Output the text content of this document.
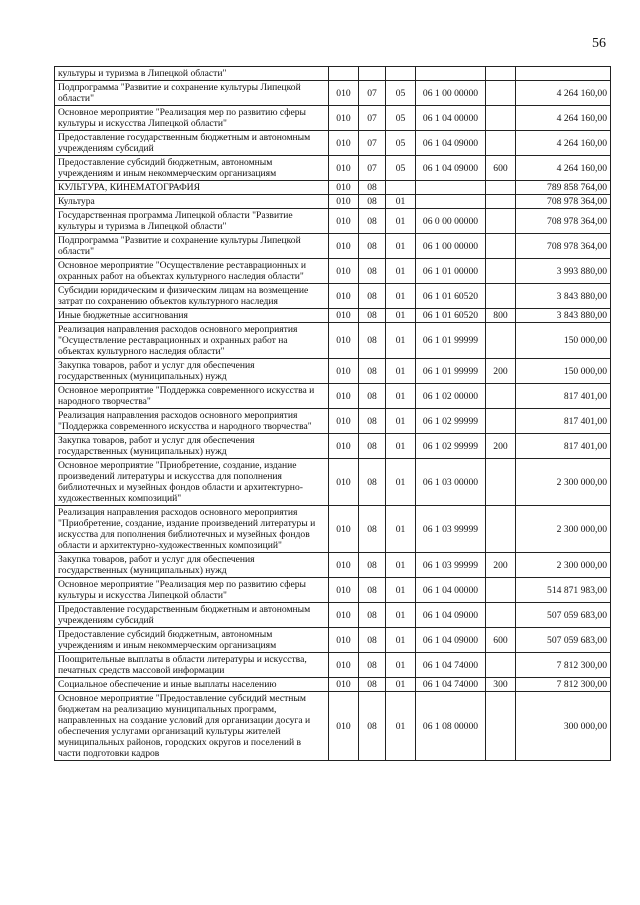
56
культуры и туризма в Липецкой области"						
Подпрограмма "Развитие и сохранение культуры Липецкой области"	010	07	05	06 1 00 00000		4 264 160,00
Основное мероприятие "Реализация мер по развитию сферы культуры и искусства Липецкой области"	010	07	05	06 1 04 00000		4 264 160,00
Предоставление государственным бюджетным и автономным учреждениям субсидий	010	07	05	06 1 04 09000		4 264 160,00
Предоставление субсидий бюджетным, автономным учреждениям и иным некоммерческим организациям	010	07	05	06 1 04 09000	600	4 264 160,00
КУЛЬТУРА, КИНЕМАТОГРАФИЯ	010	08				789 858 764,00
Культура	010	08	01			708 978 364,00
Государственная программа Липецкой области "Развитие культуры и туризма в Липецкой области"	010	08	01	06 0 00 00000		708 978 364,00
Подпрограмма "Развитие и сохранение культуры Липецкой области"	010	08	01	06 1 00 00000		708 978 364,00
Основное мероприятие "Осуществление реставрационных и охранных работ на объектах культурного наследия области"	010	08	01	06 1 01 00000		3 993 880,00
Субсидии юридическим и физическим лицам на возмещение затрат по сохранению объектов культурного наследия	010	08	01	06 1 01 60520		3 843 880,00
Иные бюджетные ассигнования	010	08	01	06 1 01 60520	800	3 843 880,00
Реализация направления расходов основного мероприятия "Осуществление реставрационных и охранных работ на объектах культурного наследия области"	010	08	01	06 1 01 99999		150 000,00
Закупка товаров, работ и услуг для обеспечения государственных (муниципальных) нужд	010	08	01	06 1 01 99999	200	150 000,00
Основное мероприятие "Поддержка современного искусства и народного творчества"	010	08	01	06 1 02 00000		817 401,00
Реализация направления расходов основного мероприятия "Поддержка современного искусства и народного творчества"	010	08	01	06 1 02 99999		817 401,00
Закупка товаров, работ и услуг для обеспечения государственных (муниципальных) нужд	010	08	01	06 1 02 99999	200	817 401,00
Основное мероприятие "Приобретение, создание, издание произведений литературы и искусства для пополнения библиотечных и музейных фондов области и архитектурно-художественных композиций"	010	08	01	06 1 03 00000		2 300 000,00
Реализация направления расходов основного мероприятия "Приобретение, создание, издание произведений литературы и искусства для пополнения библиотечных и музейных фондов области и архитектурно-художественных композиций"	010	08	01	06 1 03 99999		2 300 000,00
Закупка товаров, работ и услуг для обеспечения государственных (муниципальных) нужд	010	08	01	06 1 03 99999	200	2 300 000,00
Основное мероприятие "Реализация мер по развитию сферы культуры и искусства Липецкой области"	010	08	01	06 1 04 00000		514 871 983,00
Предоставление государственным бюджетным и автономным учреждениям субсидий	010	08	01	06 1 04 09000		507 059 683,00
Предоставление субсидий бюджетным, автономным учреждениям и иным некоммерческим организациям	010	08	01	06 1 04 09000	600	507 059 683,00
Поощрительные выплаты в области литературы и искусства, печатных средств массовой информации	010	08	01	06 1 04 74000		7 812 300,00
Социальное обеспечение и иные выплаты населению	010	08	01	06 1 04 74000	300	7 812 300,00
Основное мероприятие "Предоставление субсидий местным бюджетам на реализацию муниципальных программ, направленных на создание условий для организации досуга и обеспечения услугами организаций культуры жителей муниципальных районов, городских округов и поселений в части подготовки кадров	010	08	01	06 1 08 00000		300 000,00
